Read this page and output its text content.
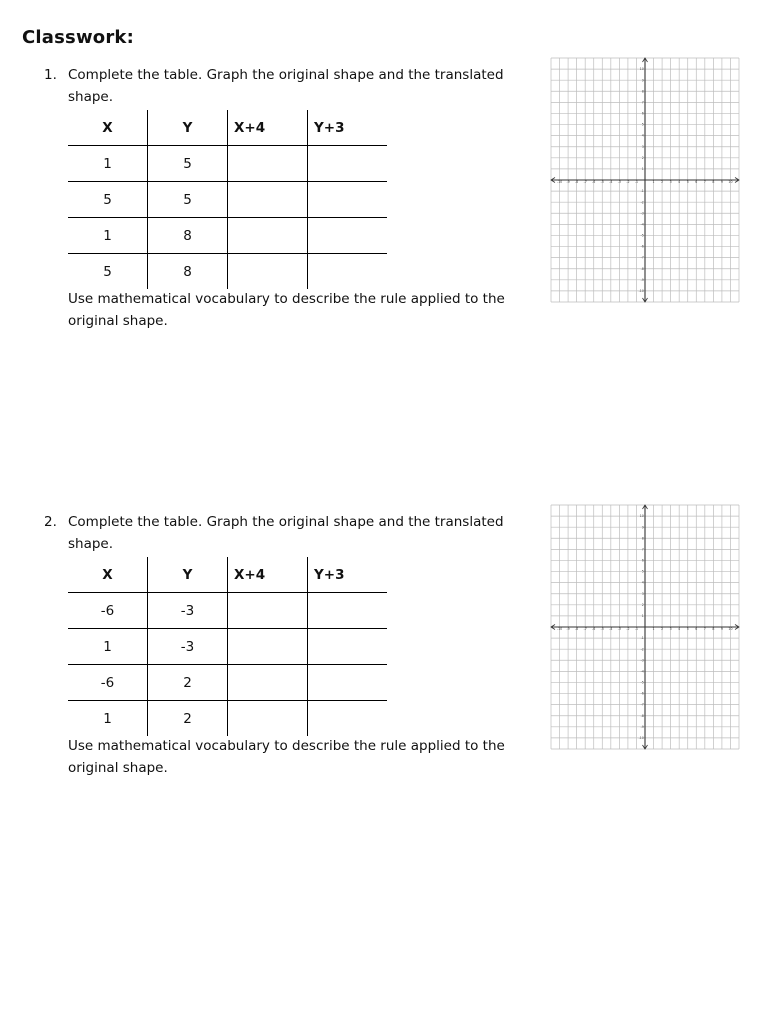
Classwork:
1. Complete the table. Graph the original shape and the translated shape.
X	Y	X+4	Y+3
1	5		
5	5		
1	8		
5	8		
Use mathematical vocabulary to describe the rule applied to the original shape.
-10 -9 -8 -7 -6 -5 -4 -3 -2 -1	1 2 3 4 5 6 7 8 9 10
-10
-9
-8
-7
-6
-5
-4
-3
-2
-1
1
2
3
4
5
6
7
8
9
10
2. Complete the table. Graph the original shape and the translated shape.
X	Y	X+4	Y+3
-6	-3		
1	-3		
-6	2		
1	2		
Use mathematical vocabulary to describe the rule applied to the original shape.
-10 -9 -8 -7 -6 -5 -4 -3 -2 -1	1 2 3 4 5 6 7 8 9 10
-10
-9
-8
-7
-6
-5
-4
-3
-2
-1
1
2
3
4
5
6
7
8
9
10
